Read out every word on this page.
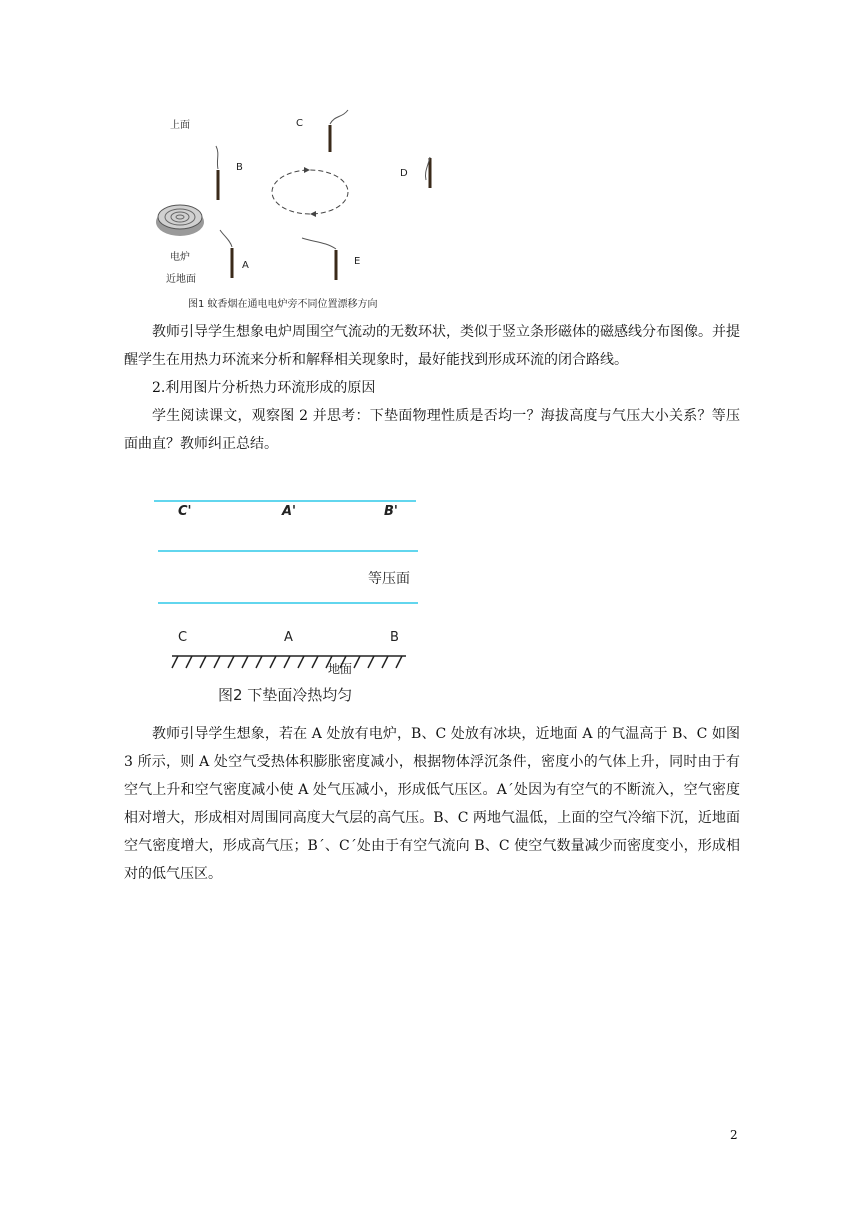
上面	C
B
D
电炉
A	E
近地面
图1 蚊香烟在通电电炉旁不同位置漂移方向

教师引导学生想象电炉周围空气流动的无数环状，类似于竖立条形磁体的磁感线分布图像。并提醒学生在用热力环流来分析和解释相关现象时，最好能找到形成环流的闭合路线。

2.利用图片分析热力环流形成的原因

学生阅读课文，观察图 2 并思考：下垫面物理性质是否均一？海拔高度与气压大小关系？等压面曲直？教师纠正总结。

C'	A'	B'
等压面
C	A	B
地面
图2 下垫面冷热均匀

教师引导学生想象，若在 A 处放有电炉，B、C 处放有冰块，近地面 A 的气温高于 B、C 如图 3 所示，则 A 处空气受热体积膨胀密度减小，根据物体浮沉条件，密度小的气体上升，同时由于有空气上升和空气密度减小使 A 处气压减小，形成低气压区。A´处因为有空气的不断流入，空气密度相对增大，形成相对周围同高度大气层的高气压。B、C 两地气温低，上面的空气冷缩下沉，近地面空气密度增大，形成高气压；B´、C´处由于有空气流向 B、C 使空气数量减少而密度变小，形成相对的低气压区。

2
